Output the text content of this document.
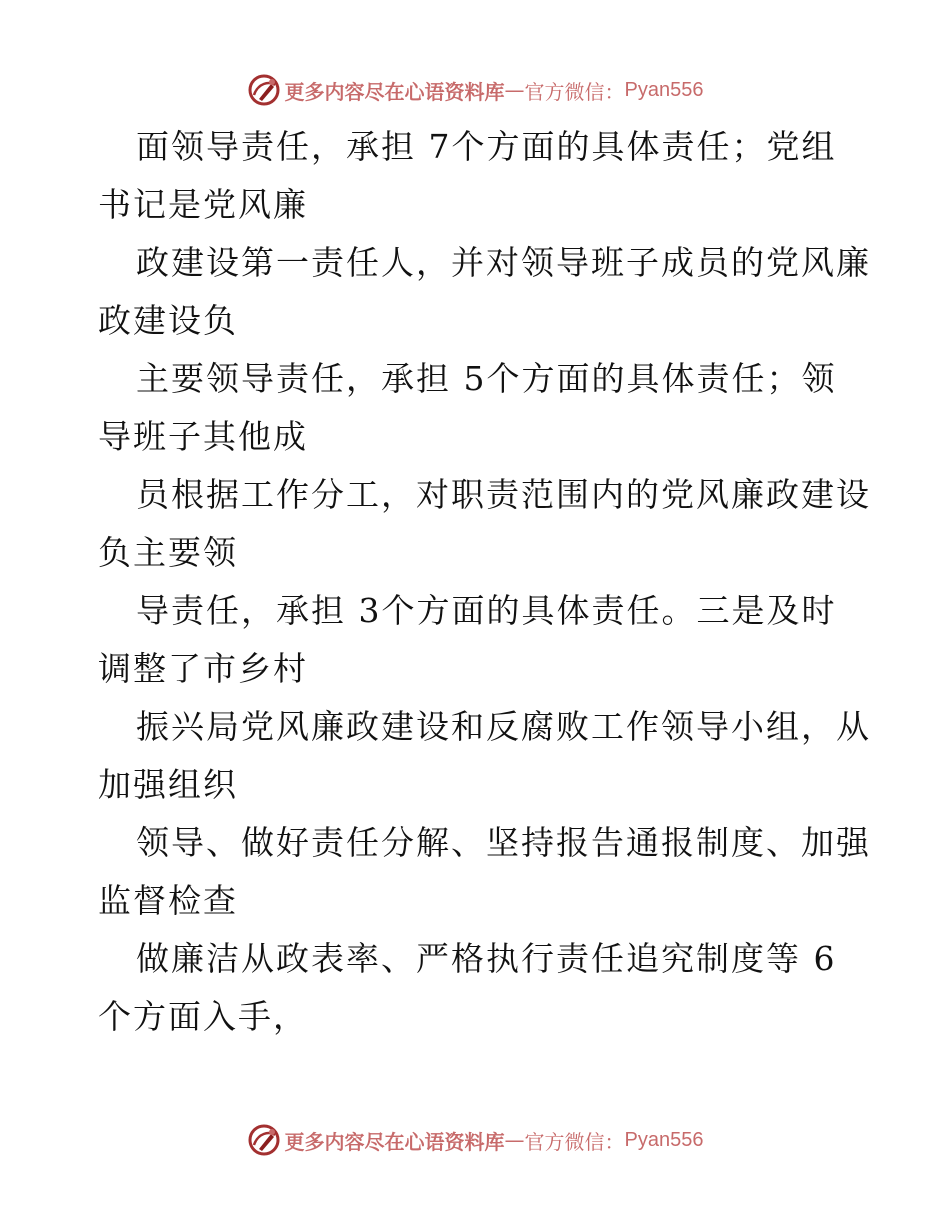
更多内容尽在心语资料库 — 官方微信： Pyan556

面领导责任，承担 7个方面的具体责任；党组
书记是党风廉

政建设第一责任人，并对领导班子成员的党风廉
政建设负

主要领导责任，承担 5个方面的具体责任；领
导班子其他成

员根据工作分工，对职责范围内的党风廉政建设
负主要领

导责任，承担 3个方面的具体责任。三是及时
调整了市乡村

振兴局党风廉政建设和反腐败工作领导小组，从
加强组织

领导、做好责任分解、坚持报告通报制度、加强
监督检查

做廉洁从政表率、严格执行责任追究制度等 6
个方面入手，

更多内容尽在心语资料库 — 官方微信： Pyan556
